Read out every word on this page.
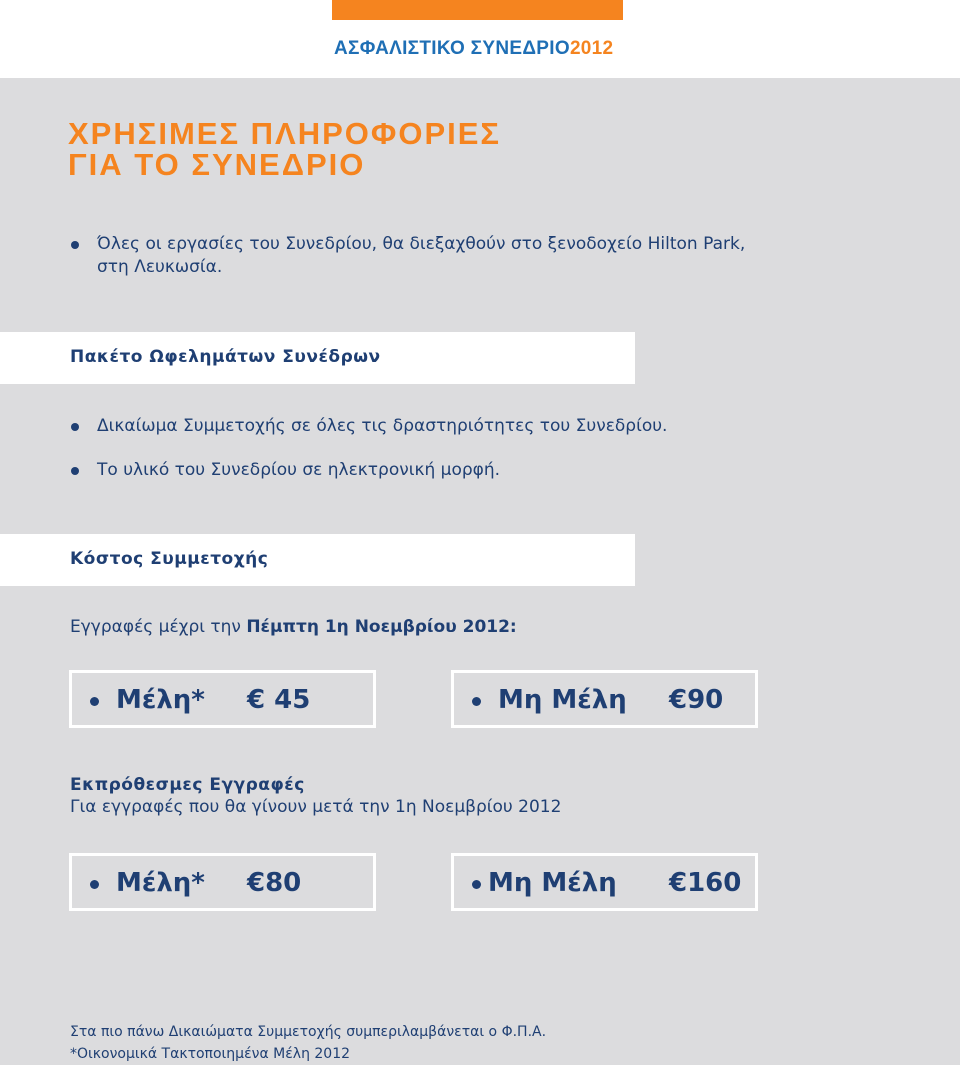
ΑΣΦΑΛΙΣΤΙΚΟ ΣΥΝΕΔΡΙΟ2012
ΧΡΗΣΙΜΕΣ ΠΛΗΡΟΦΟΡΙΕΣ
ΓΙΑ ΤΟ ΣΥΝΕΔΡΙΟ
Όλες οι εργασίες του Συνεδρίου, θα διεξαχθούν στο ξενοδοχείο Hilton Park,
στη Λευκωσία.
Πακέτο Ωφελημάτων Συνέδρων
Δικαίωμα Συμμετοχής σε όλες τις δραστηριότητες του Συνεδρίου.
Το υλικό του Συνεδρίου σε ηλεκτρονική μορφή.
Κόστος Συμμετοχής
Εγγραφές μέχρι την Πέμπτη 1η Νοεμβρίου 2012:
Μέλη* € 45	Μη Μέλη €90
Εκπρόθεσμες Εγγραφές
Για εγγραφές που θα γίνουν μετά την 1η Νοεμβρίου 2012
Μέλη* €80	Μη Μέλη €160
Στα πιο πάνω Δικαιώματα Συμμετοχής συμπεριλαμβάνεται ο Φ.Π.Α.
*Οικονομικά Τακτοποιημένα Μέλη 2012
